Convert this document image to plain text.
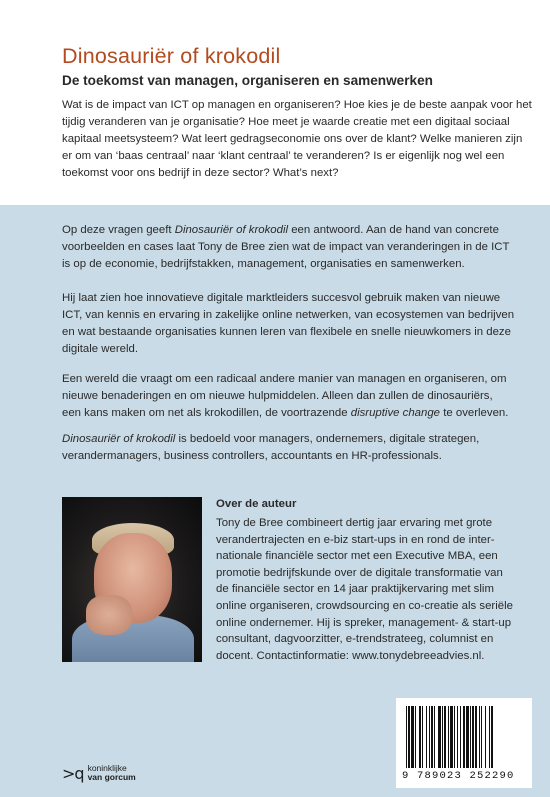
Dinosauriër of krokodil
De toekomst van managen, organiseren en samenwerken
Wat is de impact van ICT op managen en organiseren? Hoe kies je de beste aanpak voor het
tijdig veranderen van je organisatie? Hoe meet je waarde creatie met een digitaal sociaal
kapitaal meetsysteem? Wat leert gedragseconomie ons over de klant? Welke manieren zijn
er om van ‘baas centraal’ naar ‘klant centraal’ te veranderen? Is er eigenlijk nog wel een
toekomst voor ons bedrijf in deze sector? What’s next?
Op deze vragen geeft Dinosauriër of krokodil een antwoord. Aan de hand van concrete
voorbeelden en cases laat Tony de Bree zien wat de impact van veranderingen in de ICT
is op de economie, bedrijfstakken, management, organisaties en samenwerken.
Hij laat zien hoe innovatieve digitale marktleiders succesvol gebruik maken van nieuwe
ICT, van kennis en ervaring in zakelijke online netwerken, van ecosystemen van bedrijven
en wat bestaande organisaties kunnen leren van flexibele en snelle nieuwkomers in deze
digitale wereld.
Een wereld die vraagt om een radicaal andere manier van managen en organiseren, om
nieuwe benaderingen en om nieuwe hulpmiddelen. Alleen dan zullen de dinosauriërs,
een kans maken om net als krokodillen, de voortrazende disruptive change te overleven.
Dinosauriër of krokodil is bedoeld voor managers, ondernemers, digitale strategen,
verandermanagers, business controllers, accountants en HR-professionals.
Over de auteur
Tony de Bree combineert dertig jaar ervaring met grote
verandertrajecten en e-biz start-ups in en rond de inter-
nationale financiële sector met een Executive MBA, een
promotie bedrijfskunde over de digitale transformatie van
de financiële sector en 14 jaar praktijkervaring met slim
online organiseren, crowdsourcing en co-creatie als seriële
online ondernemer. Hij is spreker, management- & start-up
consultant, dagvoorzitter, e-trendstrateeg, columnist en
docent. Contactinformatie: www.tonydebreeadvies.nl.
>q koninklijke
van gorcum	9 789023 252290
